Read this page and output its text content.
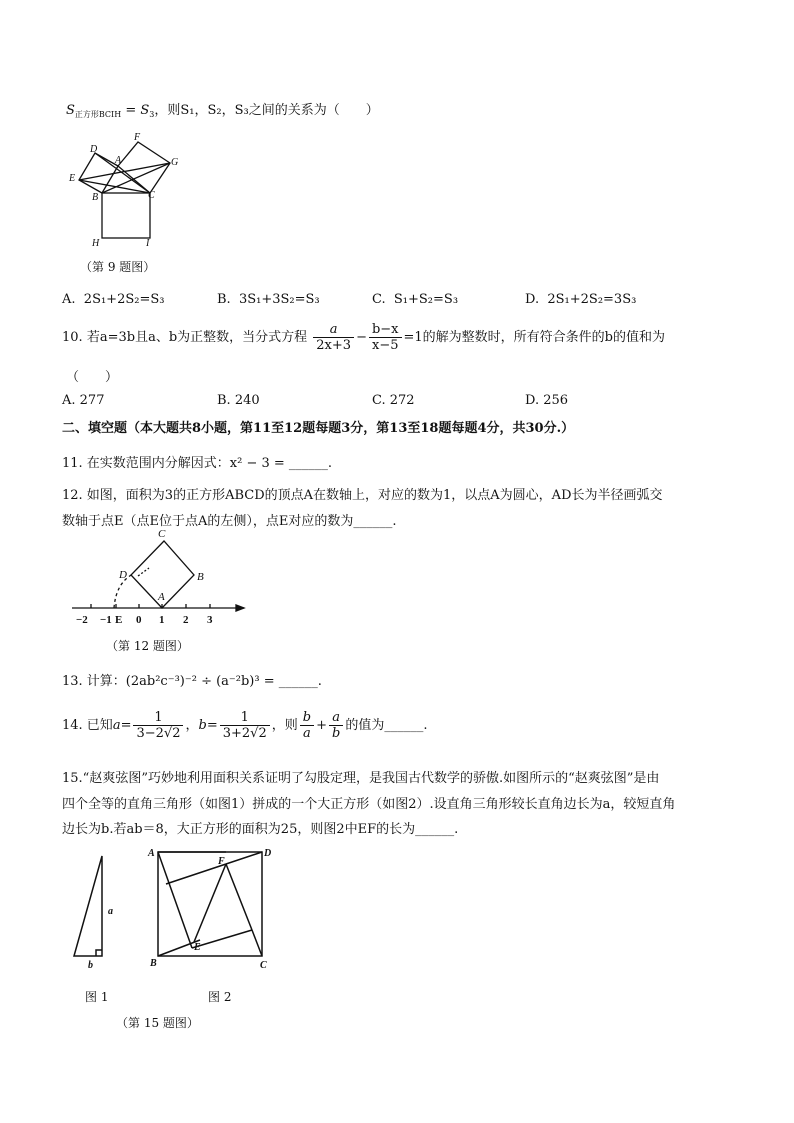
$S_{正方形BCIH} = S_3$，则S₁，S₂，S₃之间的关系为（　　）
D
F
A	G
E
B	C
H	I
（第 9 题图）
A. 2S₁+2S₂=S₃	B. 3S₁+3S₂=S₃	C. S₁+S₂=S₃	D. 2S₁+2S₂=3S₃
10. 若a=3b且a、b为正整数，当分式方程 $\frac{a}{2x+3} - \frac{b-x}{x-5} =1$的解为整数时，所有符合条件的b的值和为
（　　）
A. 277	B. 240	C. 272	D. 256
二、填空题（本大题共8小题，第11至12题每题3分，第13至18题每题4分，共30分.）
11. 在实数范围内分解因式：x² − 3 = ______.
12. 如图，面积为3的正方形ABCD的顶点A在数轴上，对应的数为1，以点A为圆心，AD长为半径画弧交
数轴于点E（点E位于点A的左侧），点E对应的数为______.
C
D	B
A
−2 −1 E 0 1 2 3
（第 12 题图）
13. 计算：(2ab²c⁻³)⁻² ÷ (a⁻²b)³ = ______.
14. 已知$a= \frac{1}{3-2√2}$ ，$b= \frac{1}{3+2√2}$ ，则 $\frac{b}{a} + \frac{a}{b}$ 的值为______.
15.“赵爽弦图”巧妙地利用面积关系证明了勾股定理，是我国古代数学的骄傲.如图所示的“赵爽弦图”是由
四个全等的直角三角形（如图1）拼成的一个大正方形（如图2）.设直角三角形较长直角边长为a，较短直角
边长为b.若ab＝8，大正方形的面积为25，则图2中EF的长为______.
a
b
A
F
D
E
B	C
图 1	图 2
（第 15 题图）
